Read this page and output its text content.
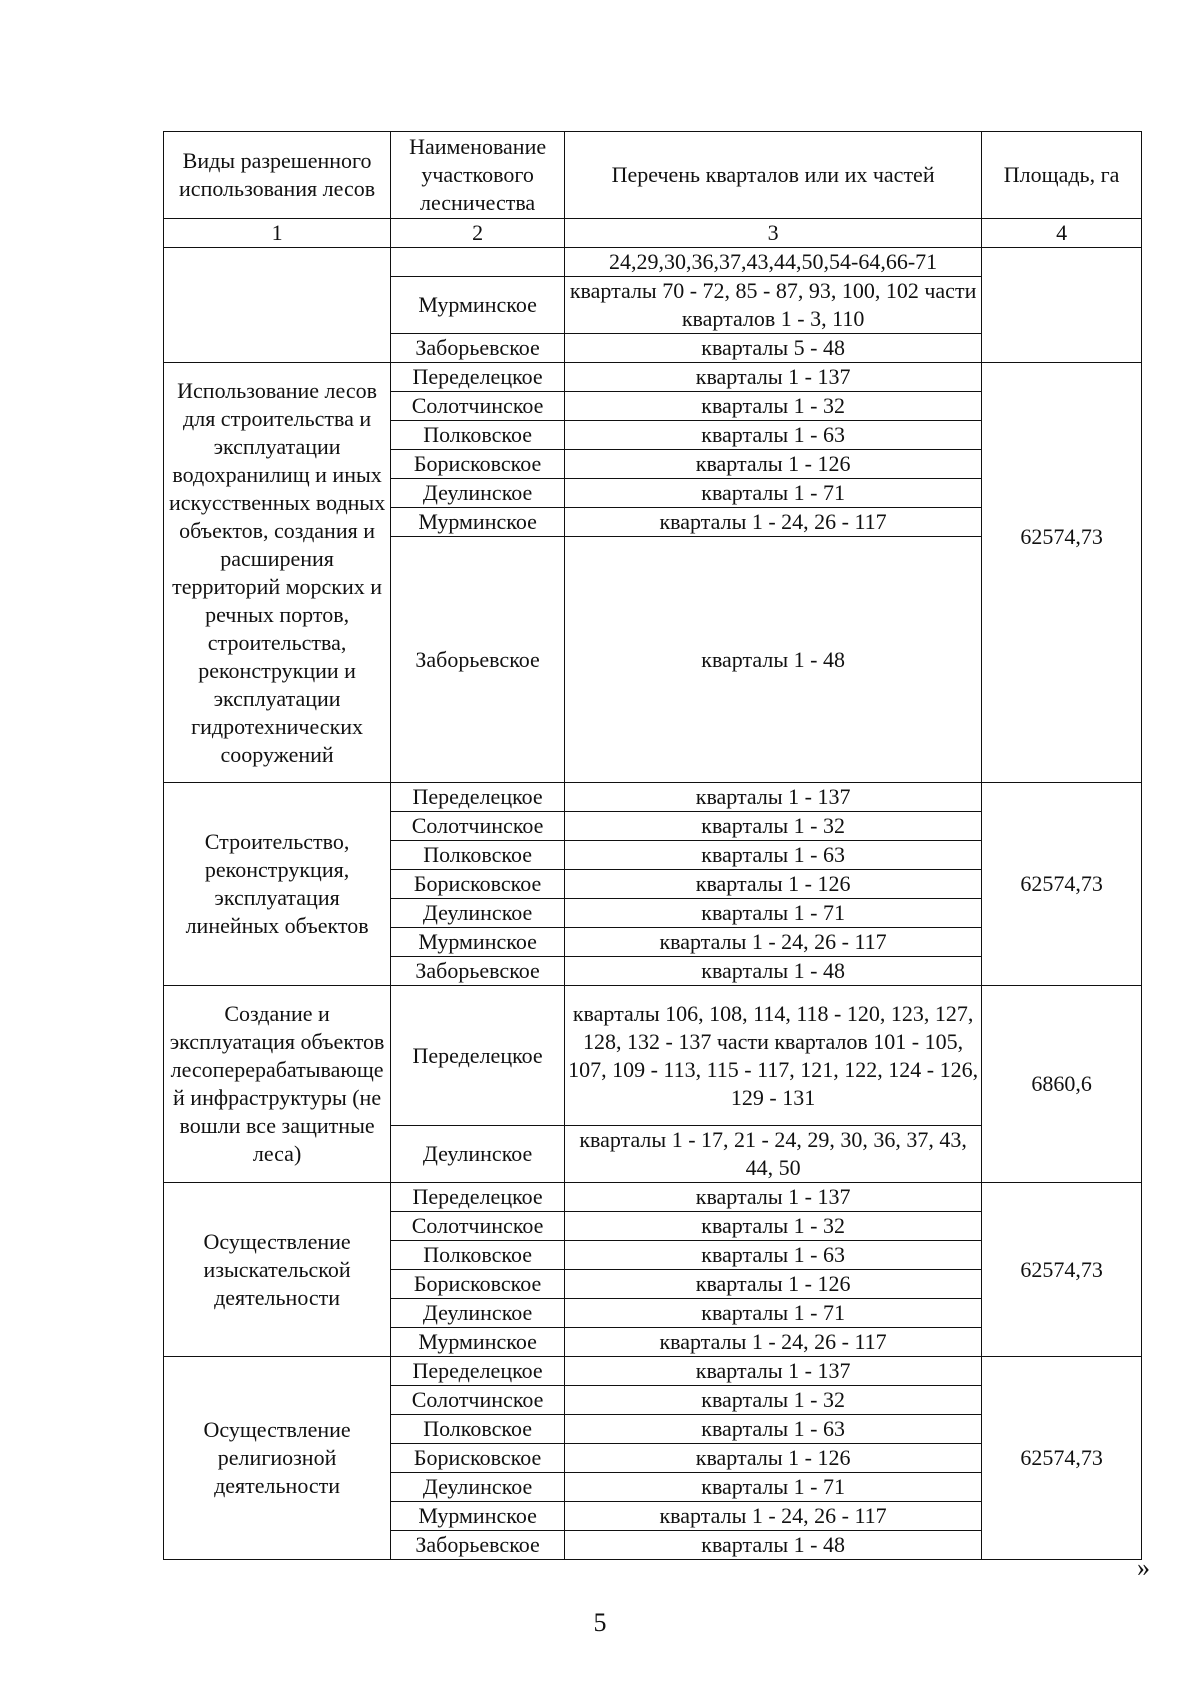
Виды разрешенного использования лесов	Наименование участкового лесничества	Перечень кварталов или их частей	Площадь, га
1	2	3	4
		24,29,30,36,37,43,44,50,54-64,66-71	
	Мурминское	кварталы 70 - 72, 85 - 87, 93, 100, 102 части кварталов 1 - 3, 110	
	Заборьевское	кварталы 5 - 48	
Использование лесов для строительства и эксплуатации водохранилищ и иных искусственных водных объектов, создания и расширения территорий морских и речных портов, строительства, реконструкции и эксплуатации гидротехнических сооружений	Переделецкое	кварталы 1 - 137	62574,73
	Солотчинское	кварталы 1 - 32	
	Полковское	кварталы 1 - 63	
	Борисковское	кварталы 1 - 126	
	Деулинское	кварталы 1 - 71	
	Мурминское	кварталы 1 - 24, 26 - 117	
	Заборьевское	кварталы 1 - 48	
Строительство, реконструкция, эксплуатация линейных объектов	Переделецкое	кварталы 1 - 137	62574,73
	Солотчинское	кварталы 1 - 32	
	Полковское	кварталы 1 - 63	
	Борисковское	кварталы 1 - 126	
	Деулинское	кварталы 1 - 71	
	Мурминское	кварталы 1 - 24, 26 - 117	
	Заборьевское	кварталы 1 - 48	
Создание и эксплуатация объектов лесоперерабатывающей инфраструктуры (не вошли все защитные леса)	Переделецкое	кварталы 106, 108, 114, 118 - 120, 123, 127, 128, 132 - 137 части кварталов 101 - 105, 107, 109 - 113, 115 - 117, 121, 122, 124 - 126, 129 - 131	6860,6
	Деулинское	кварталы 1 - 17, 21 - 24, 29, 30, 36, 37, 43, 44, 50	
Осуществление изыскательской деятельности	Переделецкое	кварталы 1 - 137	62574,73
	Солотчинское	кварталы 1 - 32	
	Полковское	кварталы 1 - 63	
	Борисковское	кварталы 1 - 126	
	Деулинское	кварталы 1 - 71	
	Мурминское	кварталы 1 - 24, 26 - 117	
Осуществление религиозной деятельности	Переделецкое	кварталы 1 - 137	62574,73
	Солотчинское	кварталы 1 - 32	
	Полковское	кварталы 1 - 63	
	Борисковское	кварталы 1 - 126	
	Деулинское	кварталы 1 - 71	
	Мурминское	кварталы 1 - 24, 26 - 117	
	Заборьевское	кварталы 1 - 48	
»
5
